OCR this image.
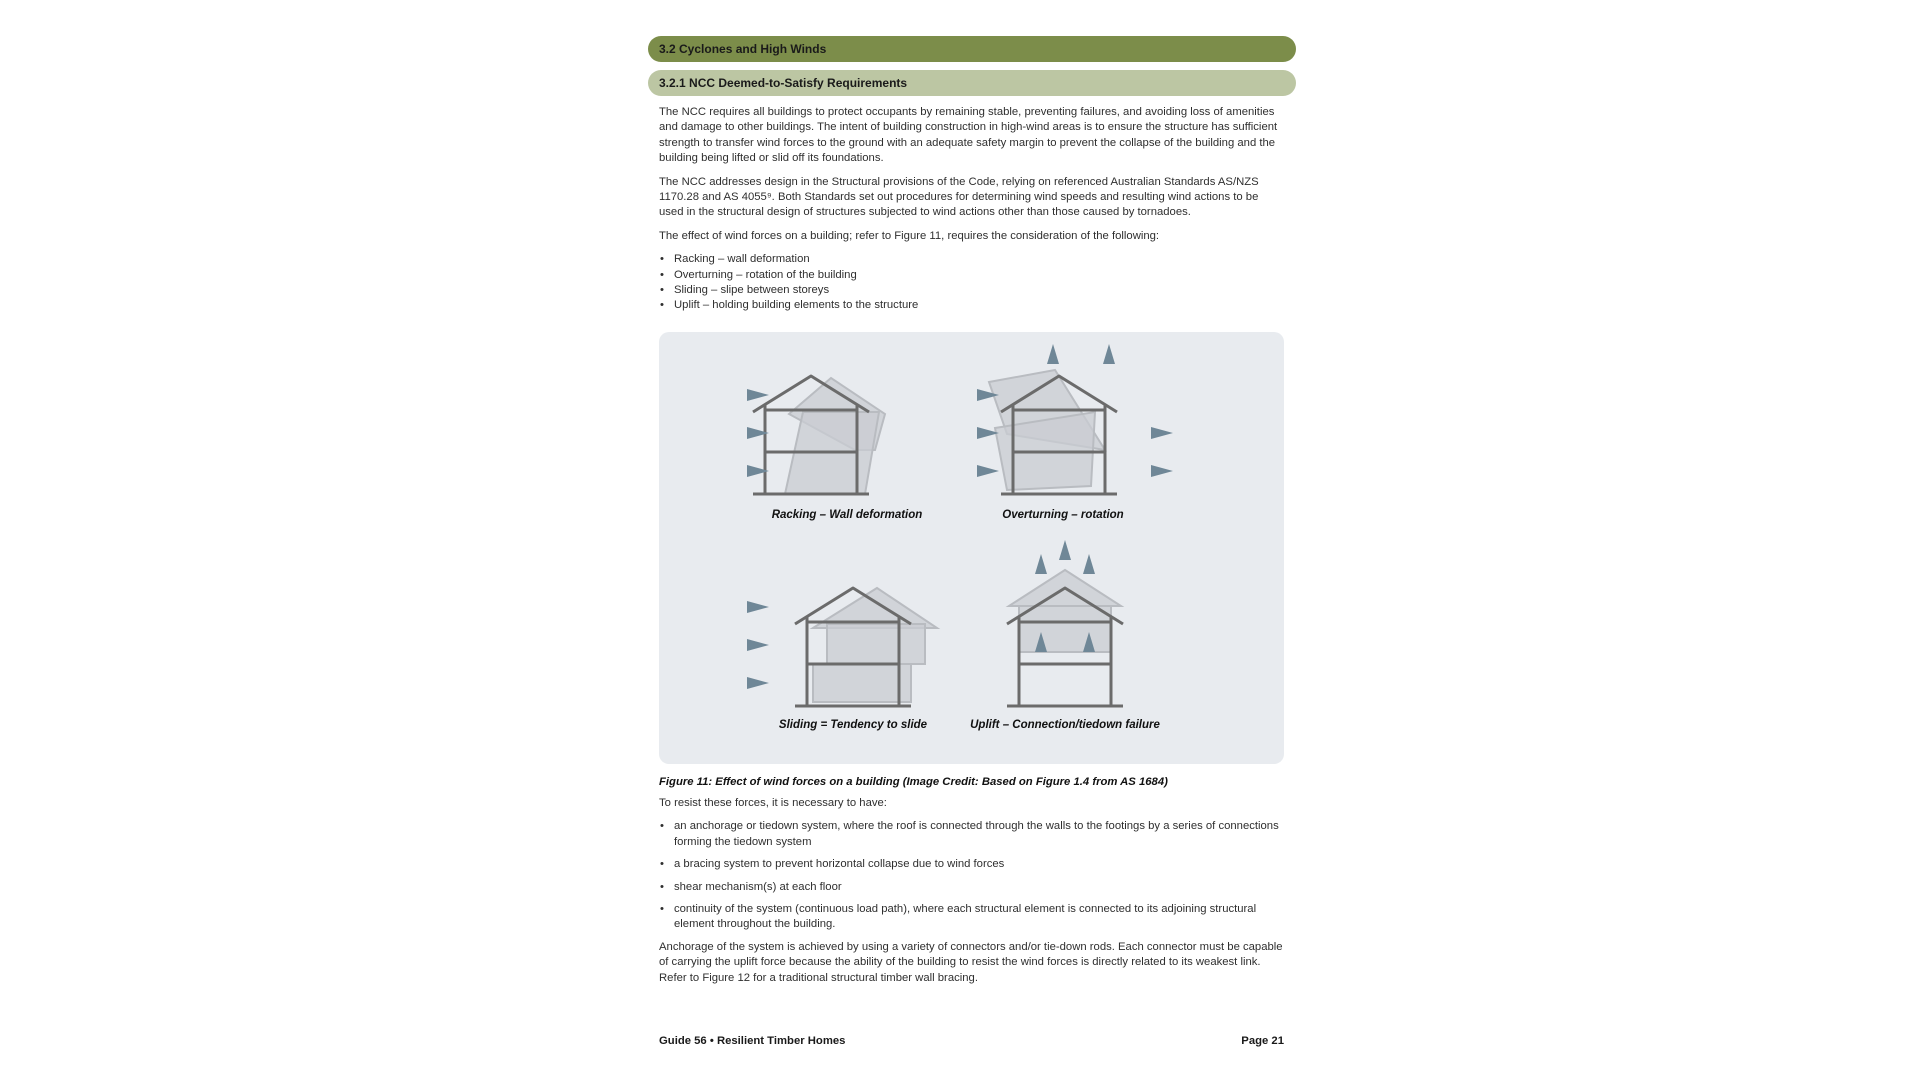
3.2 Cyclones and High Winds
3.2.1 NCC Deemed-to-Satisfy Requirements

The NCC requires all buildings to protect occupants by remaining stable, preventing failures, and avoiding loss of amenities and damage to other buildings. The intent of building construction in high-wind areas is to ensure the structure has sufficient strength to transfer wind forces to the ground with an adequate safety margin to prevent the collapse of the building and the building being lifted or slid off its foundations.

The NCC addresses design in the Structural provisions of the Code, relying on referenced Australian Standards AS/NZS 1170.28 and AS 4055⁹. Both Standards set out procedures for determining wind speeds and resulting wind actions to be used in the structural design of structures subjected to wind actions other than those caused by tornadoes.

The effect of wind forces on a building; refer to Figure 11, requires the consideration of the following:

• Racking – wall deformation
• Overturning – rotation of the building
• Sliding – slipe between storeys
• Uplift – holding building elements to the structure
Racking – Wall deformation	Overturning – rotation
Sliding = Tendency to slide	Uplift – Connection/tiedown failure
Figure 11: Effect of wind forces on a building (Image Credit: Based on Figure 1.4 from AS 1684)

To resist these forces, it is necessary to have:

• an anchorage or tiedown system, where the roof is connected through the walls to the footings by a series of connections forming the tiedown system
• a bracing system to prevent horizontal collapse due to wind forces
• shear mechanism(s) at each floor
• continuity of the system (continuous load path), where each structural element is connected to its adjoining structural element throughout the building.

Anchorage of the system is achieved by using a variety of connectors and/or tie-down rods. Each connector must be capable of carrying the uplift force because the ability of the building to resist the wind forces is directly related to its weakest link. Refer to Figure 12 for a traditional structural timber wall bracing.

Guide 56 • Resilient Timber Homes	Page 21
